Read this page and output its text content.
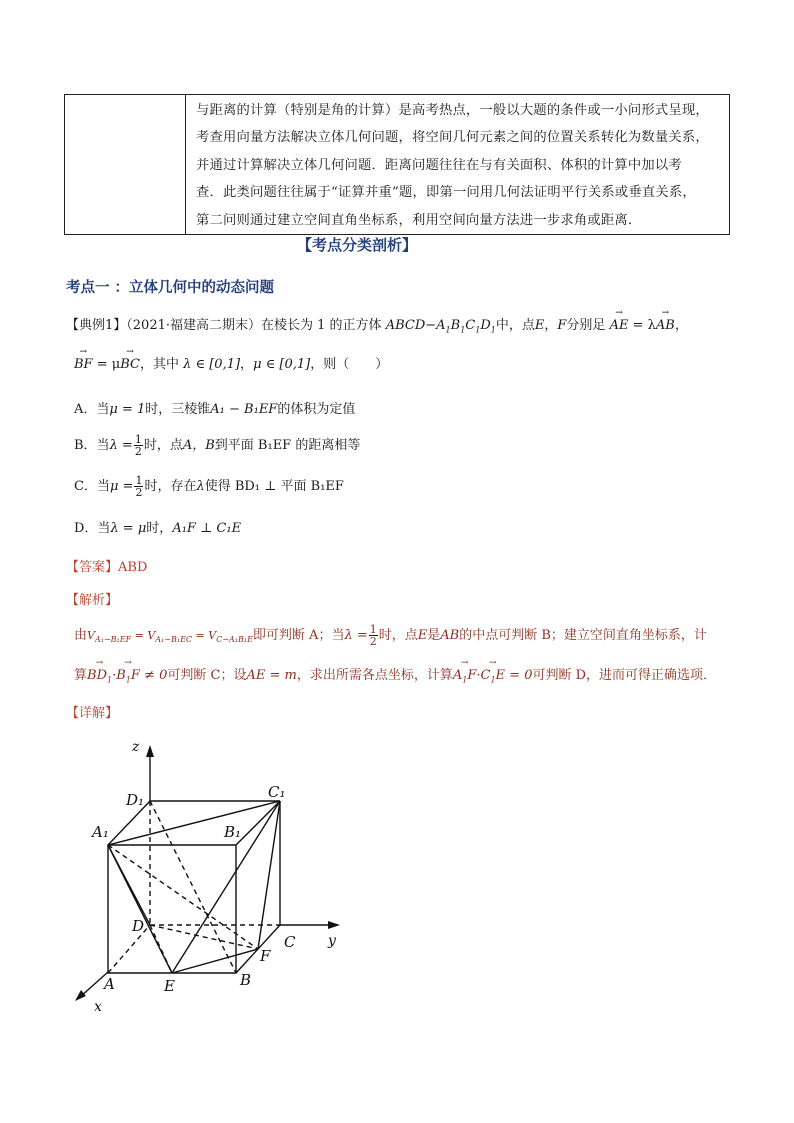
与距离的计算（特别是角的计算）是高考热点，一般以大题的条件或一小问形式呈现，
考查用向量方法解决立体几何问题，将空间几何元素之间的位置关系转化为数量关系，
并通过计算解决立体几何问题．距离问题往往在与有关面积、体积的计算中加以考
查．此类问题往往属于“证算并重”题，即第一问用几何法证明平行关系或垂直关系，
第二问则通过建立空间直角坐标系，利用空间向量方法进一步求角或距离．
【考点分类剖析】
考点一 ：立体几何中的动态问题
【典例1】（2021·福建高二期末）在棱长为 1 的正方体 $ABCD-A_1B_1C_1D_1$中，点E，F分别足 → AE = λ→ AB，
→ BF = μ→ BC，其中 λ ∈ [0,1]，μ ∈ [0,1]，则（　　）
A．当μ = 1时，三棱锥A₁ − B₁EF的体积为定值
B．当$\lambda = \frac{1}{2}$ 时，点A，B到平面 B₁EF 的距离相等
C．当$\mu = \frac{1}{2}$ 时，存在λ使得 BD₁ ⊥ 平面 B₁EF
D．当λ = μ时，A₁F ⊥ C₁E
【答案】ABD
【解析】
由$V_{A_1-B_1EF} = V_{A_1-B_1EC} = V_{C-A_1B_1E}$即可判断 A；当$\lambda = \frac{1}{2}$ 时，点E是AB的中点可判断 B；建立空间直角坐标系，计
算→ $BD_1\cdot\to B_1F \ne 0$可判断 C；设AE = m，求出所需各点坐标，计算→ $A_1F\cdot\to C_1E = 0$可判断 D，进而可得正确选项．
【详解】
z
y
x
A₁	B₁
C₁
D₁
A	B
C
D
E
F
